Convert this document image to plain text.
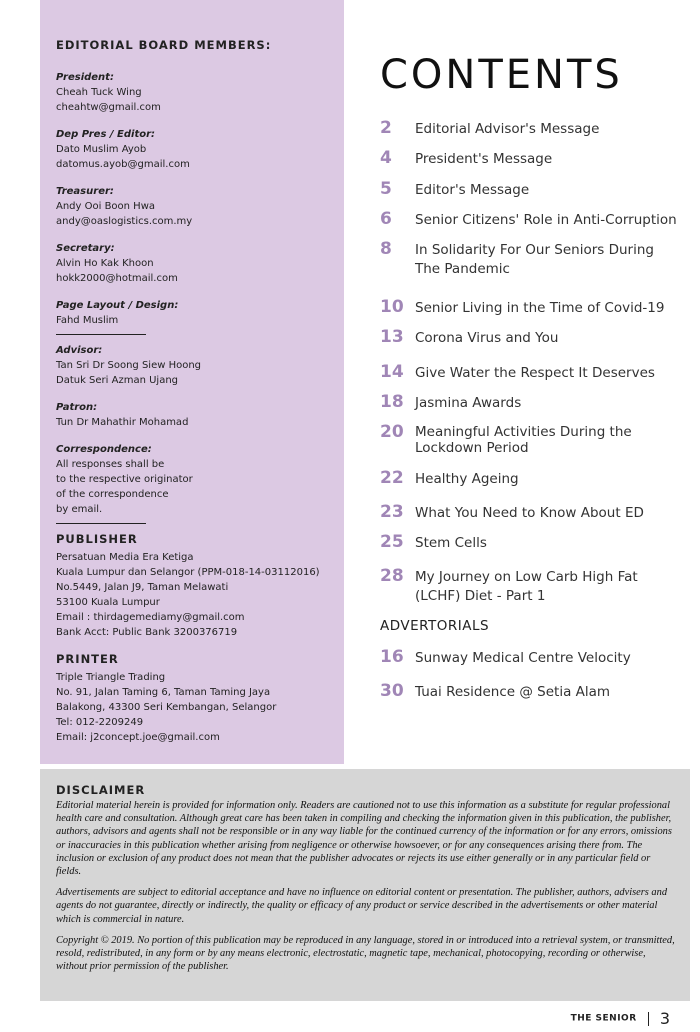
EDITORIAL BOARD MEMBERS:
President:
Cheah Tuck Wing
cheahtw@gmail.com
Dep Pres / Editor:
Dato Muslim Ayob
datomus.ayob@gmail.com
Treasurer:
Andy Ooi Boon Hwa
andy@oaslogistics.com.my
Secretary:
Alvin Ho Kak Khoon
hokk2000@hotmail.com
Page Layout / Design:
Fahd Muslim
Advisor:
Tan Sri Dr Soong Siew Hoong
Datuk Seri Azman Ujang
Patron:
Tun Dr Mahathir Mohamad
Correspondence:
All responses shall be
to the respective originator
of the correspondence
by email.
PUBLISHER
Persatuan Media Era Ketiga
Kuala Lumpur dan Selangor (PPM-018-14-03112016)
No.5449, Jalan J9, Taman Melawati
53100 Kuala Lumpur
Email : thirdagemediamy@gmail.com
Bank Acct: Public Bank 3200376719
PRINTER
Triple Triangle Trading
No. 91, Jalan Taming 6, Taman Taming Jaya
Balakong, 43300 Seri Kembangan, Selangor
Tel: 012-2209249
Email: j2concept.joe@gmail.com
CONTENTS
2 Editorial Advisor's Message
4 President's Message
5 Editor's Message
6 Senior Citizens' Role in Anti-Corruption
8 In Solidarity For Our Seniors During The Pandemic
10 Senior Living in the Time of Covid-19
13 Corona Virus and You
14 Give Water the Respect It Deserves
18 Jasmina Awards
20 Meaningful Activities During the Lockdown Period
22 Healthy Ageing
23 What You Need to Know About ED
25 Stem Cells
28 My Journey on Low Carb High Fat (LCHF) Diet - Part 1
ADVERTORIALS
16 Sunway Medical Centre Velocity
30 Tuai Residence @ Setia Alam
DISCLAIMER

Editorial material herein is provided for information only. Readers are cautioned not to use this information as a substitute for regular professional health care and consultation. Although great care has been taken in compiling and checking the information given in this publication, the publisher, authors, advisors and agents shall not be responsible or in any way liable for the continued currency of the information or for any errors, omissions or inaccuracies in this publication whether arising from negligence or otherwise howsoever, or for any consequences arising there from. The inclusion or exclusion of any product does not mean that the publisher advocates or rejects its use either generally or in any particular field or fields.

Advertisements are subject to editorial acceptance and have no influence on editorial content or presentation. The publisher, authors, advisers and agents do not guarantee, directly or indirectly, the quality or efficacy of any product or service described in the advertisements or other material which is commercial in nature.

Copyright © 2019. No portion of this publication may be reproduced in any language, stored in or introduced into a retrieval system, or transmitted, resold, redistributed, in any form or by any means electronic, electrostatic, magnetic tape, mechanical, photocopying, recording or otherwise, without prior permission of the publisher.

THE SENIOR 3
